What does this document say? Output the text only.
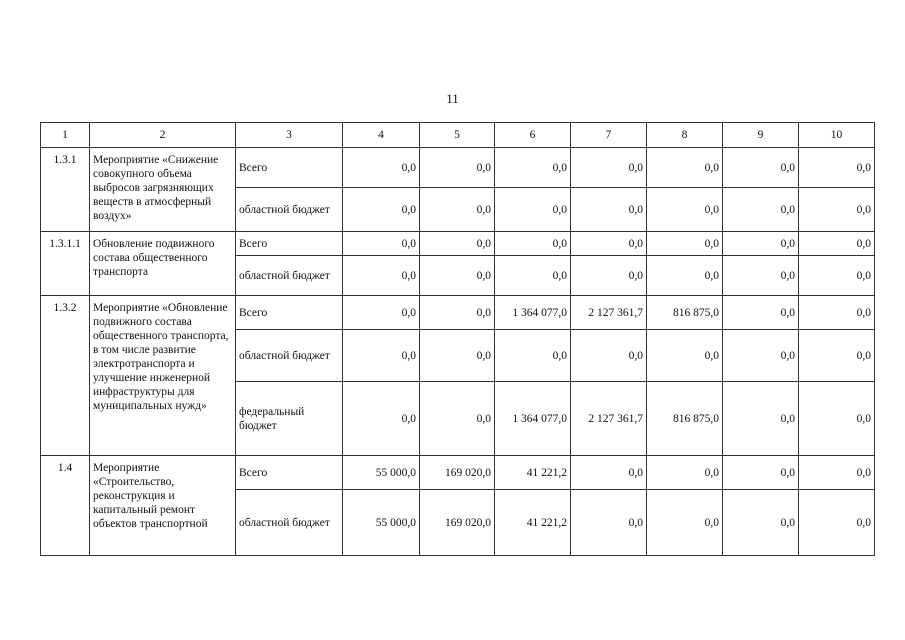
11
1	2	3	4	5	6	7	8	9	10
1.3.1	Мероприятие «Снижение совокупного объема выбросов загрязняющих веществ в атмосферный воздух»	Всего	0,0	0,0	0,0	0,0	0,0	0,0	0,0
		областной бюджет	0,0	0,0	0,0	0,0	0,0	0,0	0,0
1.3.1.1	Обновление подвижного состава общественного транспорта	Всего	0,0	0,0	0,0	0,0	0,0	0,0	0,0
		областной бюджет	0,0	0,0	0,0	0,0	0,0	0,0	0,0
1.3.2	Мероприятие «Обновление подвижного состава общественного транспорта, в том числе развитие электротранспорта и улучшение инженерной инфраструктуры для муниципальных нужд»	Всего	0,0	0,0	1 364 077,0	2 127 361,7	816 875,0	0,0	0,0
		областной бюджет	0,0	0,0	0,0	0,0	0,0	0,0	0,0
		федеральный бюджет	0,0	0,0	1 364 077,0	2 127 361,7	816 875,0	0,0	0,0
1.4	Мероприятие «Строительство, реконструкция и капитальный ремонт объектов транспортной	Всего	55 000,0	169 020,0	41 221,2	0,0	0,0	0,0	0,0
		областной бюджет	55 000,0	169 020,0	41 221,2	0,0	0,0	0,0	0,0
